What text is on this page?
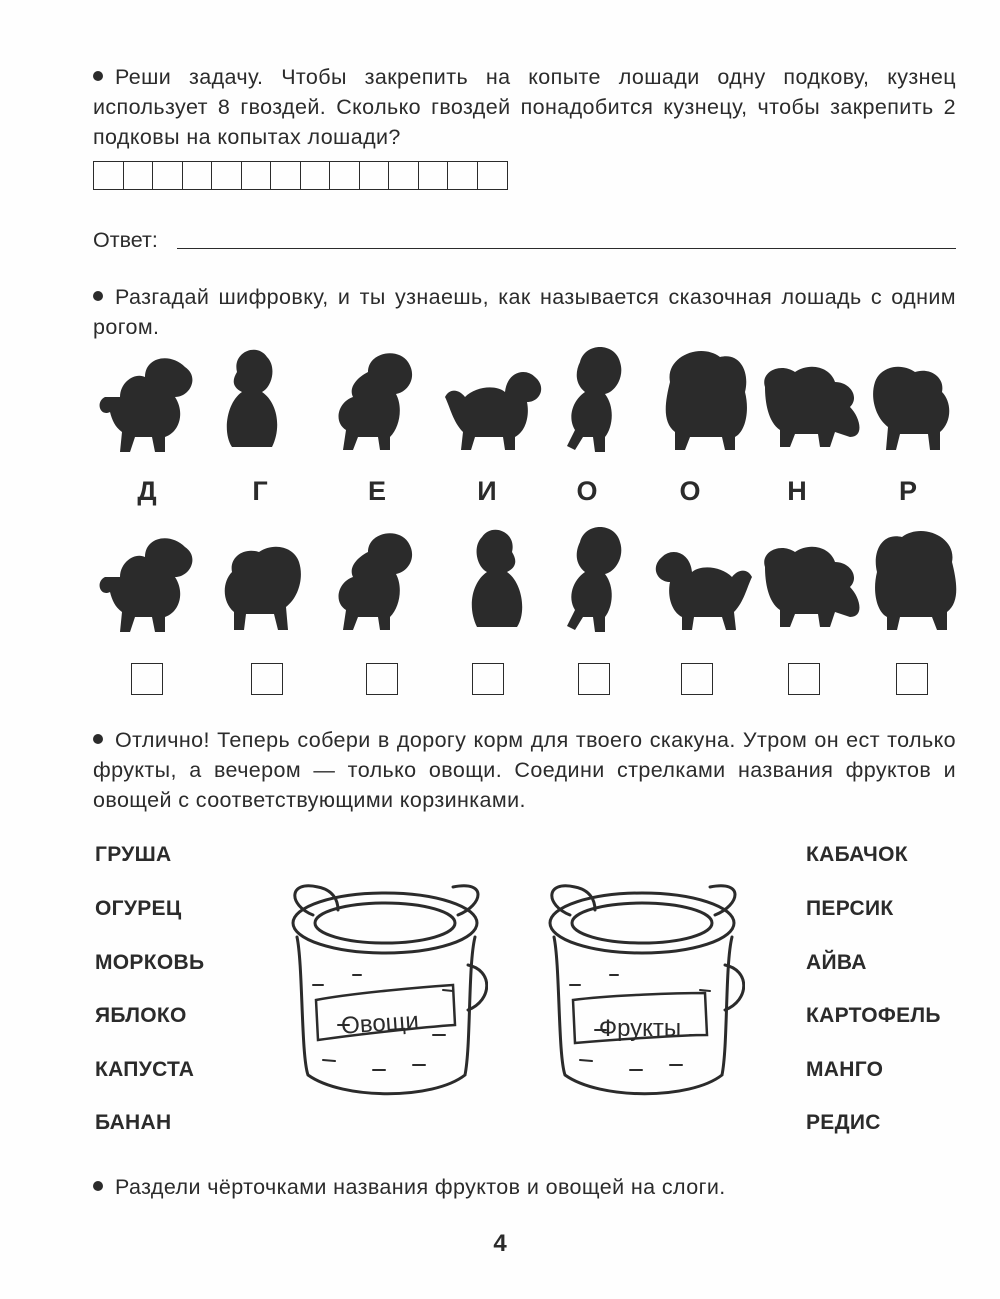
Реши задачу. Чтобы закрепить на копыте лошади одну подкову, кузнец использует 8 гвоздей. Сколько гвоздей понадобится кузнецу, чтобы закрепить 2 подковы на копытах лошади?
Ответ:
Разгадай шифровку, и ты узнаешь, как называется сказочная лошадь с одним рогом.
Д	Г	Е	И	О	О	Н	Р
Отлично! Теперь собери в дорогу корм для твоего скакуна. Утром он ест только фрукты, а вечером — только овощи. Соедини стрелками названия фруктов и овощей с соответствующими корзинками.
ГРУША
ОГУРЕЦ
МОРКОВЬ
ЯБЛОКО
КАПУСТА
БАНАН
КАБАЧОК
ПЕРСИК
АЙВА
КАРТОФЕЛЬ
МАНГО
РЕДИС
Овощи	Фрукты
Раздели чёрточками названия фруктов и овощей на слоги.
4
